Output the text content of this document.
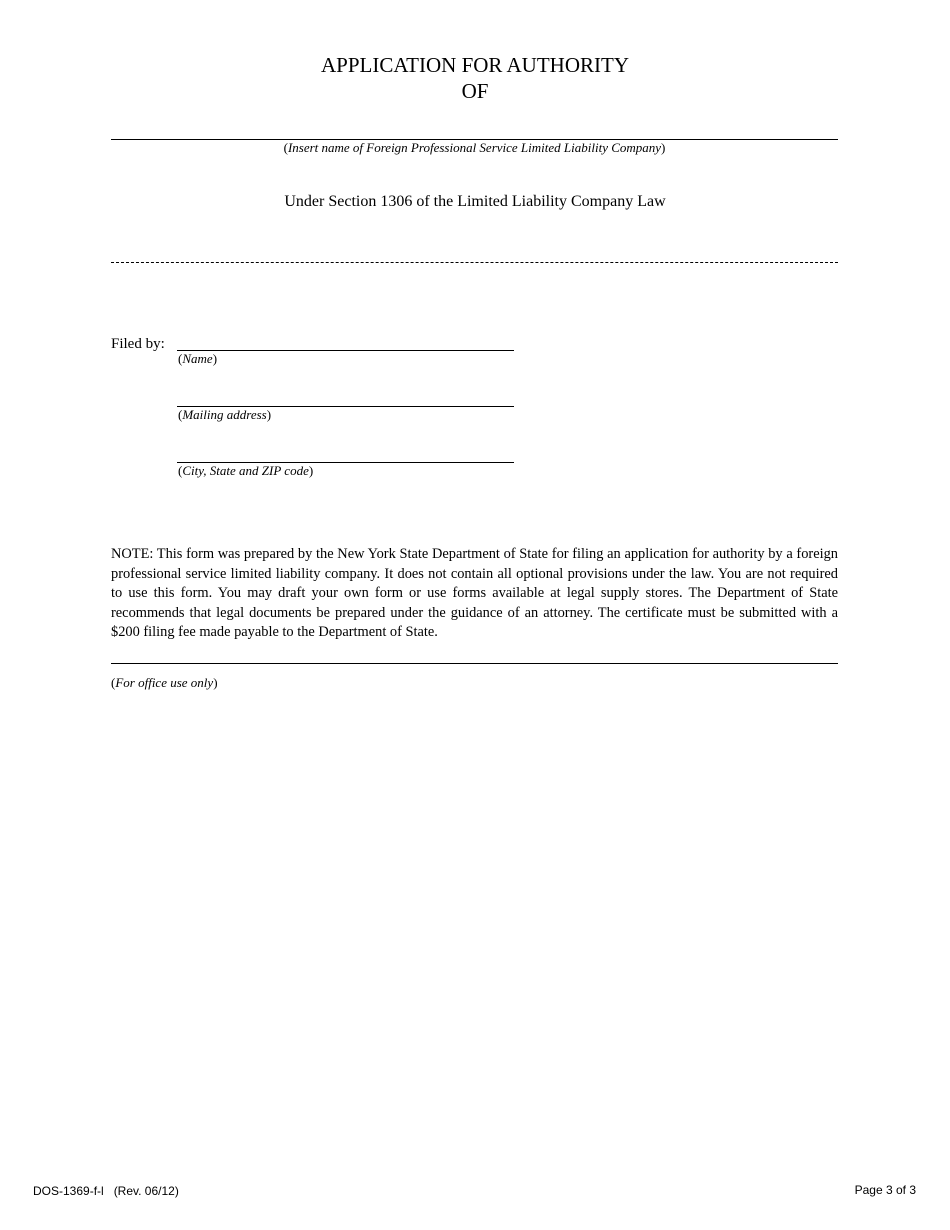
APPLICATION FOR AUTHORITY
OF
(Insert name of Foreign Professional Service Limited Liability Company)
Under Section 1306 of the Limited Liability Company Law
Filed by:
(Name)
(Mailing address)
(City, State and ZIP code)
NOTE: This form was prepared by the New York State Department of State for filing an application for authority by a foreign professional service limited liability company. It does not contain all optional provisions under the law. You are not required to use this form. You may draft your own form or use forms available at legal supply stores. The Department of State recommends that legal documents be prepared under the guidance of an attorney. The certificate must be submitted with a $200 filing fee made payable to the Department of State.
(For office use only)
DOS-1369-f-l   (Rev. 06/12)	Page 3 of 3
